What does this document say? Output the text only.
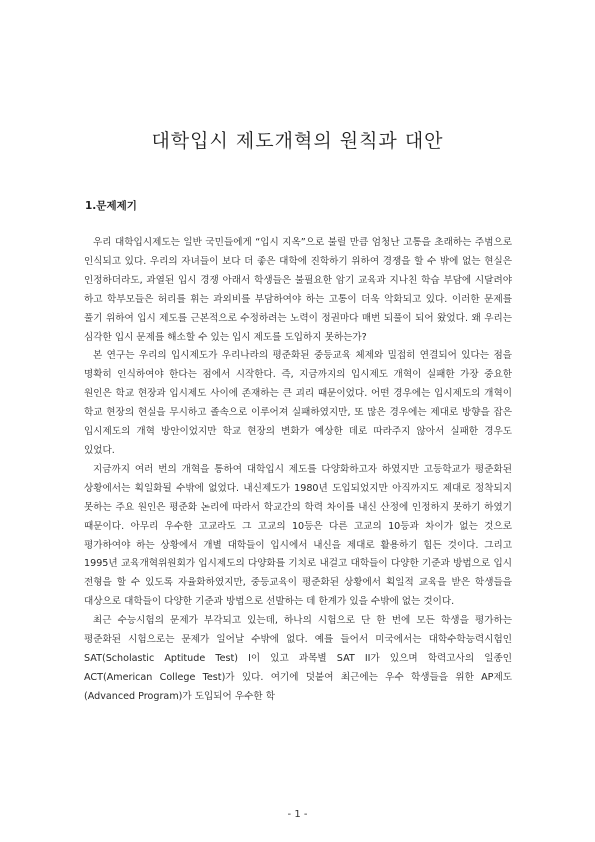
대학입시 제도개혁의 원칙과 대안
1.문제제기

우리 대학입시제도는 일반 국민들에게 “입시 지옥”으로 불릴 만큼 엄청난 고통을 초래하는 주범으로 인식되고 있다. 우리의 자녀들이 보다 더 좋은 대학에 진학하기 위하여 경쟁을 할 수 밖에 없는 현실은 인정하더라도, 과열된 입시 경쟁 아래서 학생들은 불필요한 암기 교육과 지나친 학습 부담에 시달려야 하고 학부모들은 허리를 휘는 과외비를 부담하여야 하는 고통이 더욱 악화되고 있다. 이러한 문제를 풀기 위하여 입시 제도를 근본적으로 수정하려는 노력이 정권마다 매번 되풀이 되어 왔었다. 왜 우리는 심각한 입시 문제를 해소할 수 있는 입시 제도를 도입하지 못하는가?

본 연구는 우리의 입시제도가 우리나라의 평준화된 중등교육 체제와 밀접히 연결되어 있다는 점을 명확히 인식하여야 한다는 점에서 시작한다. 즉, 지금까지의 입시제도 개혁이 실패한 가장 중요한 원인은 학교 현장과 입시제도 사이에 존재하는 큰 괴리 때문이었다. 어떤 경우에는 입시제도의 개혁이 학교 현장의 현실을 무시하고 졸속으로 이루어져 실패하였지만, 또 많은 경우에는 제대로 방향을 잡은 입시제도의 개혁 방안이었지만 학교 현장의 변화가 예상한 데로 따라주지 않아서 실패한 경우도 있었다.

지금까지 여러 번의 개혁을 통하여 대학입시 제도를 다양화하고자 하였지만 고등학교가 평준화된 상황에서는 획일화될 수밖에 없었다. 내신제도가 1980년 도입되었지만 아직까지도 제대로 정착되지 못하는 주요 원인은 평준화 논리에 따라서 학교간의 학력 차이를 내신 산정에 인정하지 못하기 하였기 때문이다. 아무리 우수한 고교라도 그 고교의 10등은 다른 고교의 10등과 차이가 없는 것으로 평가하여야 하는 상황에서 개별 대학들이 입시에서 내신을 제대로 활용하기 힘든 것이다. 그리고 1995년 교육개혁위원회가 입시제도의 다양화를 기치로 내걸고 대학들이 다양한 기준과 방법으로 입시 전형을 할 수 있도록 자율화하였지만, 중등교육이 평준화된 상황에서 획일적 교육을 받은 학생들을 대상으로 대학들이 다양한 기준과 방법으로 선발하는 데 한계가 있을 수밖에 없는 것이다.

최근 수능시험의 문제가 부각되고 있는데, 하나의 시험으로 단 한 번에 모든 학생을 평가하는 평준화된 시험으로는 문제가 일어날 수밖에 없다. 예를 들어서 미국에서는 대학수학능력시험인 SAT(Scholastic Aptitude Test) I이 있고 과목별 SAT II가 있으며 학력고사의 일종인 ACT(American College Test)가 있다. 여기에 덧붙여 최근에는 우수 학생들을 위한 AP제도(Advanced Program)가 도입되어 우수한 학

- 1 -
